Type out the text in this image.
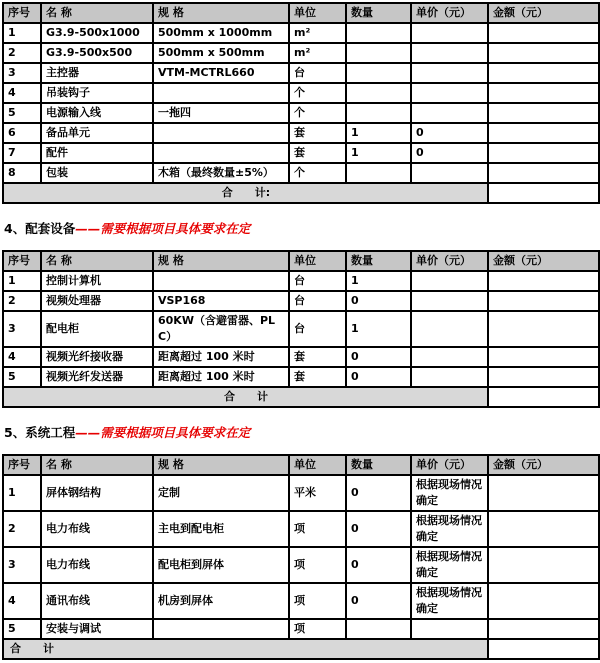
序号	名 称	规 格	单位	数量	单价（元）	金额（元）
1	G3.9-500x1000	500mm x 1000mm	m²			
2	G3.9-500x500	500mm x 500mm	m²			
3	主控器	VTM-MCTRL660	台			
4	吊装钩子		个			
5	电源输入线	一拖四	个			
6	备品单元		套	1	0	
7	配件		套	1	0	
8	包装	木箱（最终数量±5%）	个			
合　　计:						
4、配套设备——需要根据项目具体要求在定
序号	名 称	规 格	单位	数量	单价（元）	金额（元）
1	控制计算机		台	1		
2	视频处理器	VSP168	台	0		
3	配电柜	60KW（含避雷器、PLC）	台	1		
4	视频光纤接收器	距离超过 100 米时	套	0		
5	视频光纤发送器	距离超过 100 米时	套	0		
合　　计						
5、系统工程——需要根据项目具体要求在定
序号	名 称	规 格	单位	数量	单价（元）	金额（元）
1	屏体钢结构	定制	平米	0	根据现场情况确定	
2	电力布线	主电到配电柜	项	0	根据现场情况确定	
3	电力布线	配电柜到屏体	项	0	根据现场情况确定	
4	通讯布线	机房到屏体	项	0	根据现场情况确定	
5	安装与调试		项			
合　　计						
